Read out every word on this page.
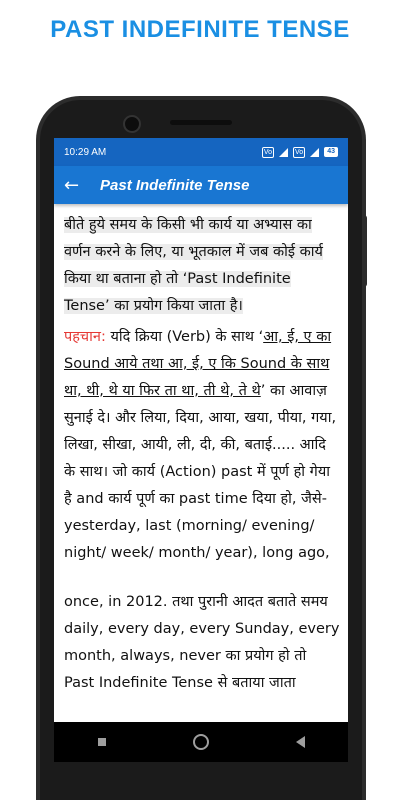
PAST INDEFINITE TENSE
10:29 AM	Vo	Vo	43
←	Past Indefinite Tense

बीते हुये समय के किसी भी कार्य या अभ्यास का वर्णन करने के लिए, या भूतकाल में जब कोई कार्य किया था बताना हो तो ‘Past Indefinite Tense’ का प्रयोग किया जाता है।

पहचान: यदि क्रिया (Verb) के साथ ‘आ, ई, ए का Sound आये तथा आ, ई, ए कि Sound के साथ था, थी, थे या फिर ता था, ती थे, ते थे’ का आवाज़ सुनाई दे। और लिया, दिया, आया, खया, पीया, गया, लिखा, सीखा, आयी, ली, दी, की, बताई..... आदि के साथ। जो कार्य (Action) past में पूर्ण हो गेया है and कार्य पूर्ण का past time दिया हो, जैसे- yesterday, last (morning/ evening/ night/ week/ month/ year), long ago,

once, in 2012. तथा पुरानी आदत बताते समय daily, every day, every Sunday, every month, always, never का प्रयोग हो तो Past Indefinite Tense से बताया जाता
